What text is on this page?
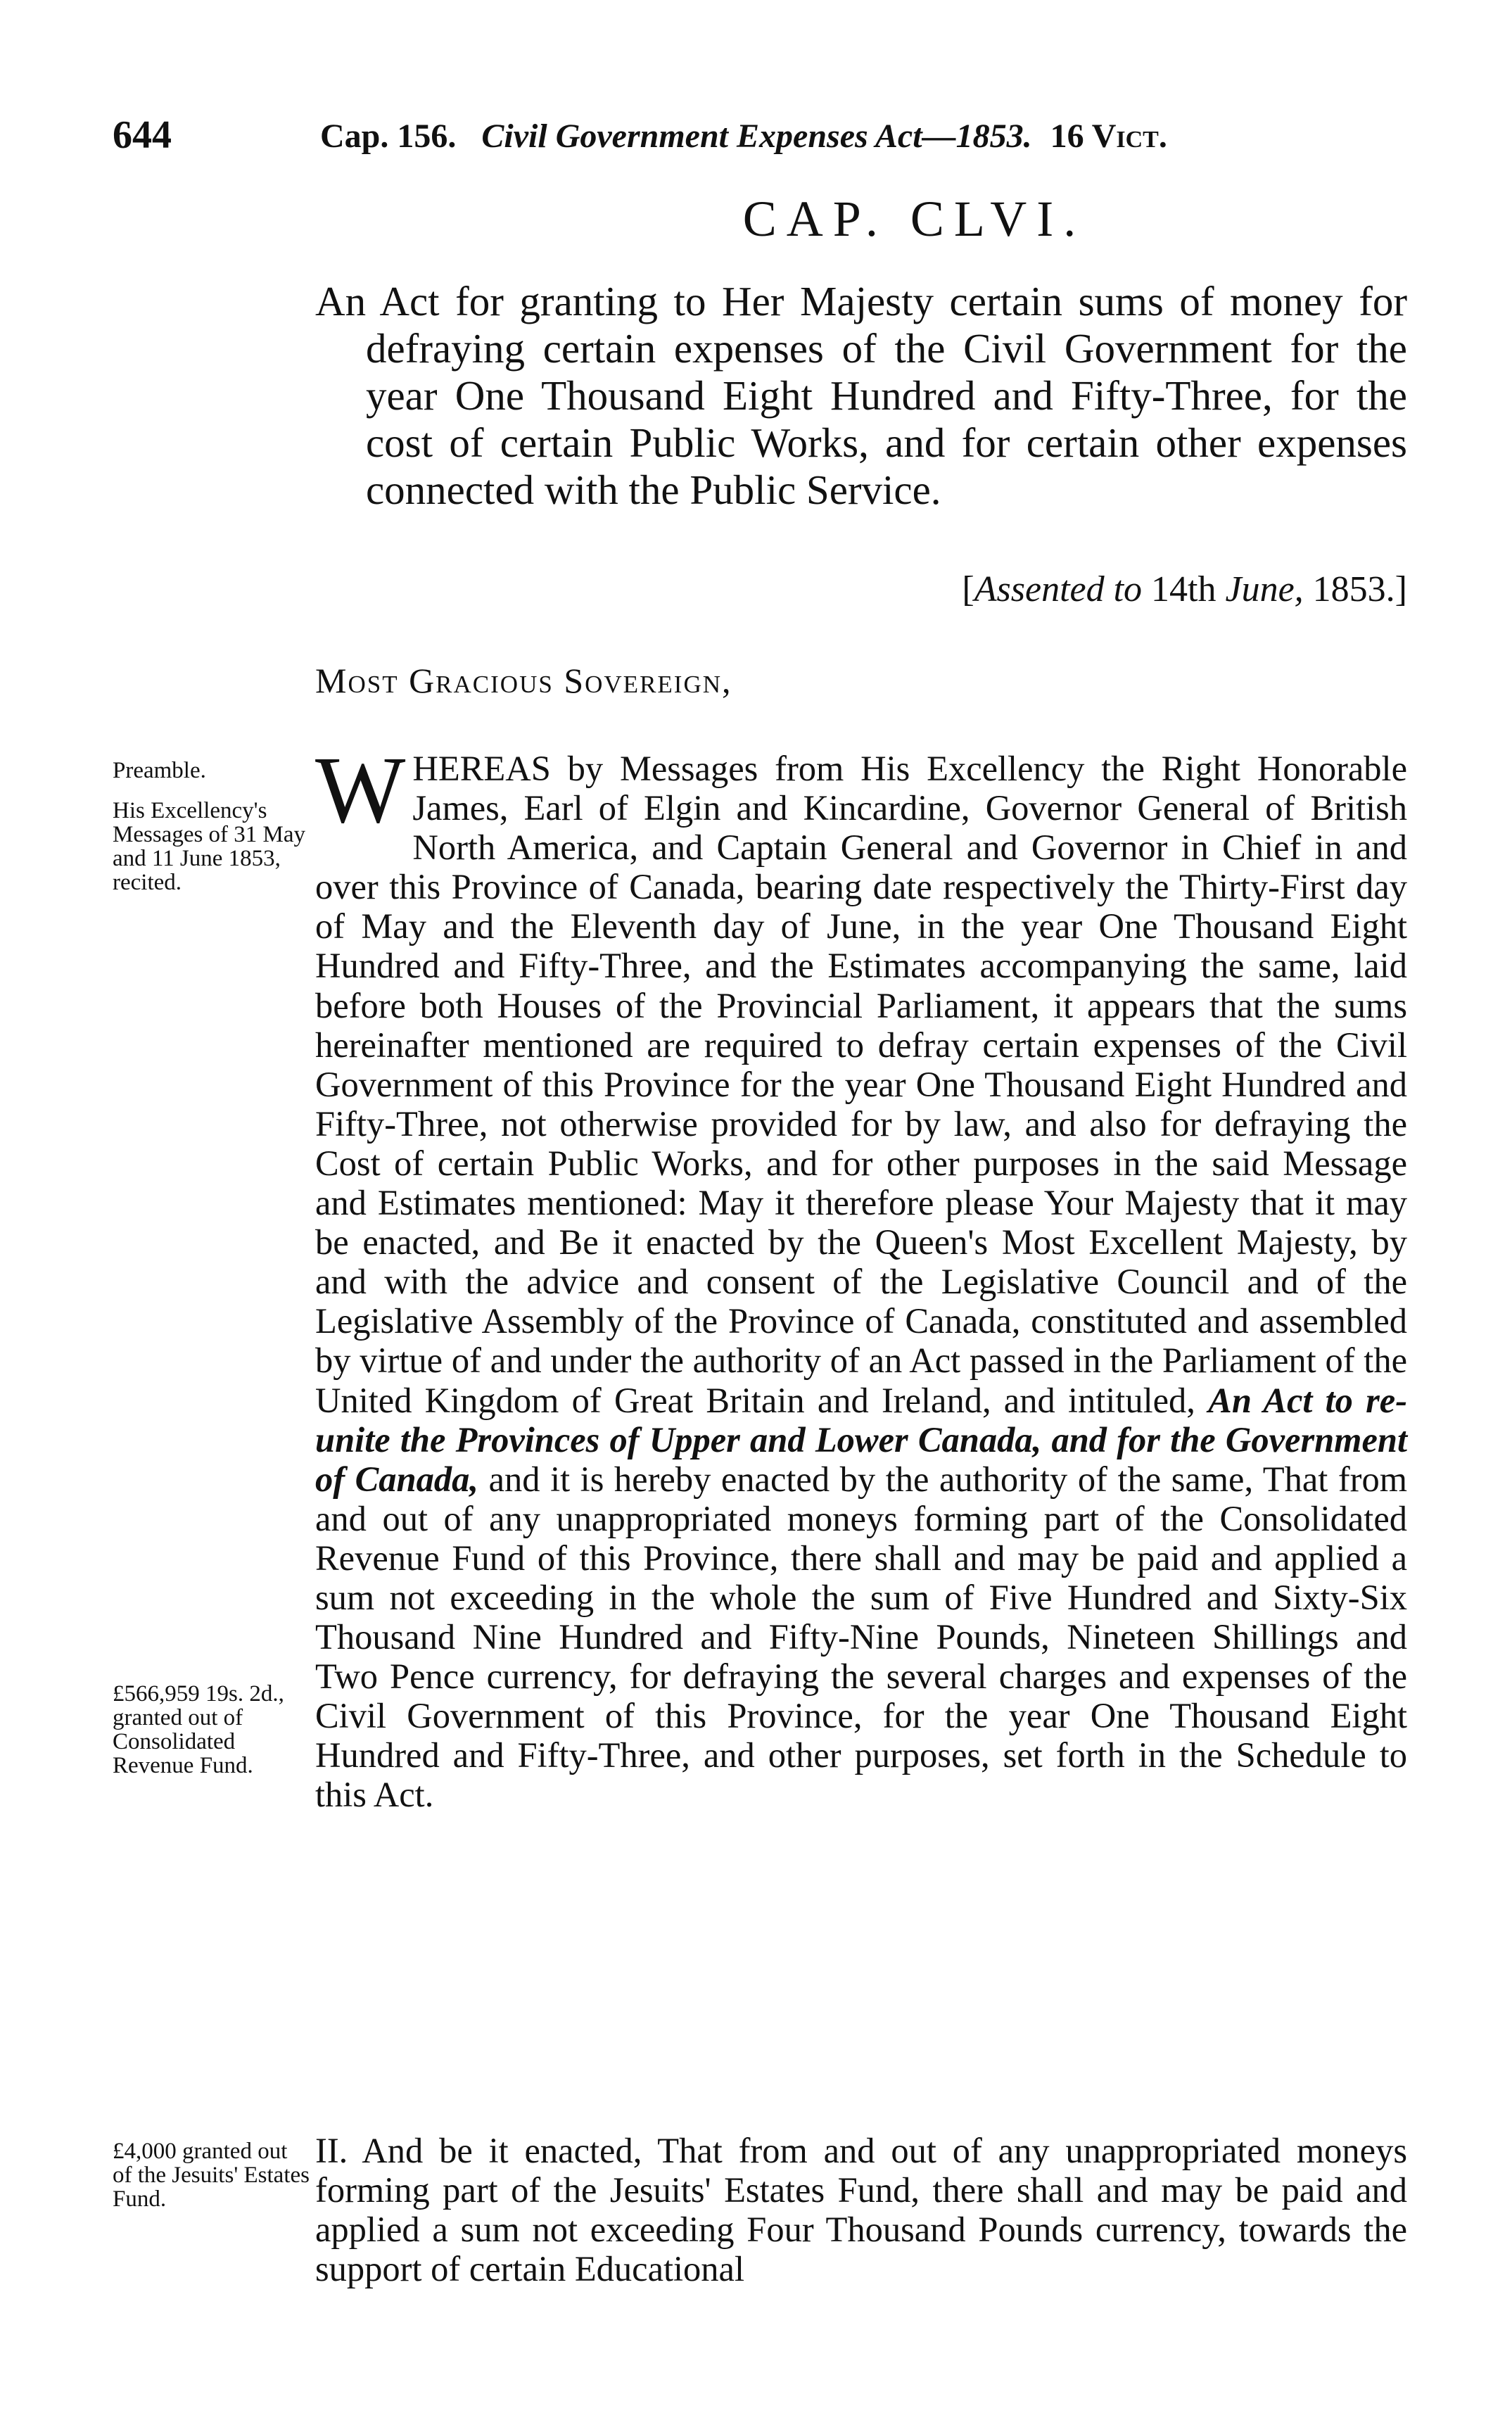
644	Cap. 156. Civil Government Expenses Act—1853. 16 Vict.
CAP. CLVI.
An Act for granting to Her Majesty certain sums of money for defraying certain expenses of the Civil Government for the year One Thousand Eight Hundred and Fifty-Three, for the cost of certain Public Works, and for certain other expenses connected with the Public Service.
[Assented to 14th June, 1853.]
Most Gracious Sovereign,
Preamble.
His Excellency's Messages of 31 May and 11 June 1853, recited.
£566,959 19s. 2d., granted out of Consolidated Revenue Fund.
£4,000 granted out of the Jesuits' Estates Fund.

WHEREAS by Messages from His Excellency the Right Honorable James, Earl of Elgin and Kincardine, Governor General of British North America, and Captain General and Governor in Chief in and over this Province of Canada, bearing date respectively the Thirty-First day of May and the Eleventh day of June, in the year One Thousand Eight Hundred and Fifty-Three, and the Estimates accompanying the same, laid before both Houses of the Provincial Parliament, it appears that the sums hereinafter mentioned are required to defray certain expenses of the Civil Government of this Province for the year One Thousand Eight Hundred and Fifty-Three, not otherwise provided for by law, and also for defraying the Cost of certain Public Works, and for other purposes in the said Message and Estimates mentioned: May it therefore please Your Majesty that it may be enacted, and Be it enacted by the Queen's Most Excellent Majesty, by and with the advice and consent of the Legislative Council and of the Legislative Assembly of the Province of Canada, constituted and assembled by virtue of and under the authority of an Act passed in the Parliament of the United Kingdom of Great Britain and Ireland, and intituled, An Act to re-unite the Provinces of Upper and Lower Canada, and for the Government of Canada, and it is hereby enacted by the authority of the same, That from and out of any unappropriated moneys forming part of the Consolidated Revenue Fund of this Province, there shall and may be paid and applied a sum not exceeding in the whole the sum of Five Hundred and Sixty-Six Thousand Nine Hundred and Fifty-Nine Pounds, Nineteen Shillings and Two Pence currency, for defraying the several charges and expenses of the Civil Government of this Province, for the year One Thousand Eight Hundred and Fifty-Three, and other purposes, set forth in the Schedule to this Act.

II. And be it enacted, That from and out of any unappropriated moneys forming part of the Jesuits' Estates Fund, there shall and may be paid and applied a sum not exceeding Four Thousand Pounds currency, towards the support of certain Educational
